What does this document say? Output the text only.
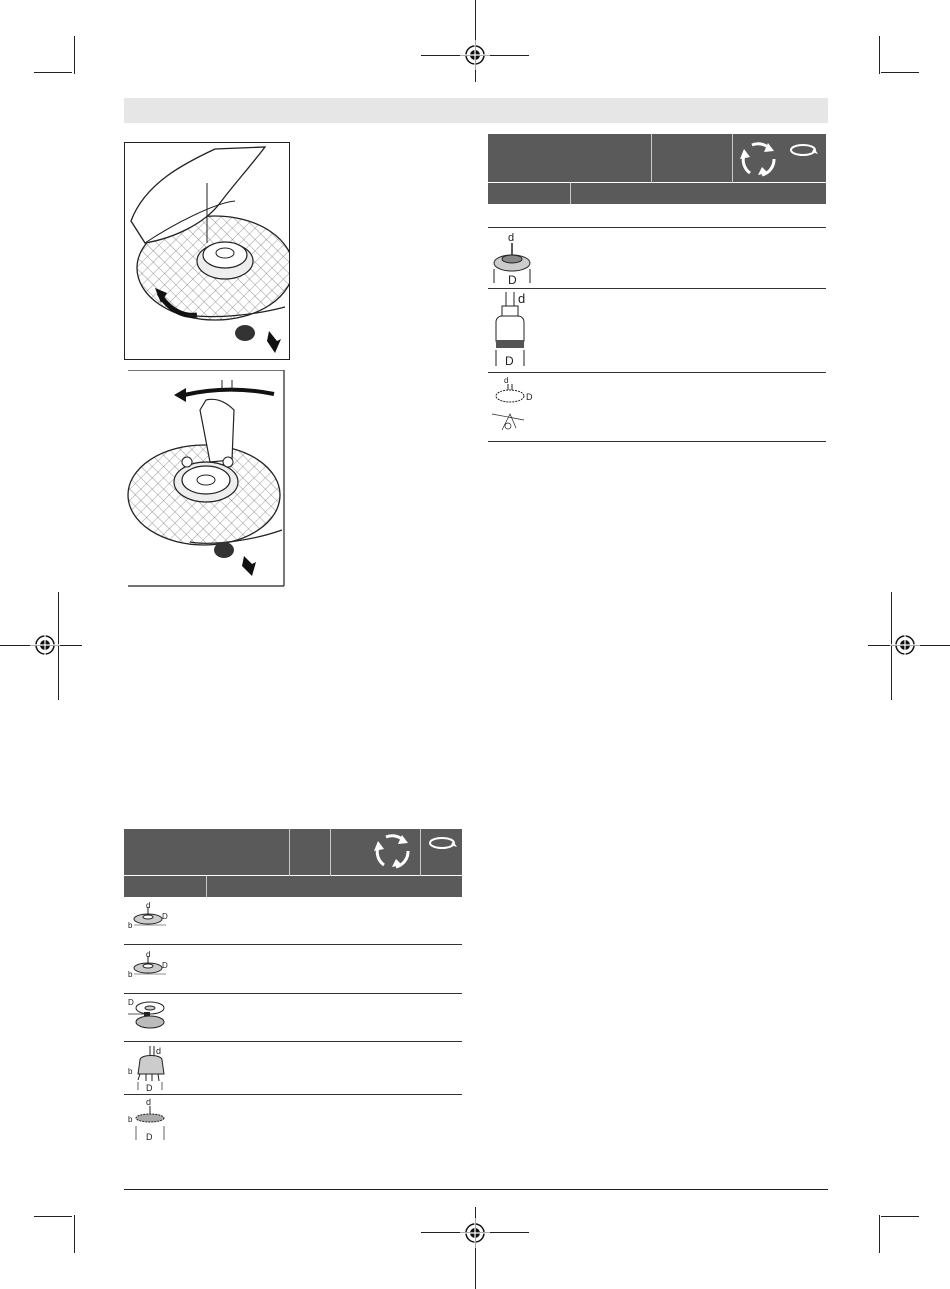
d
D
d
D
d
D
d
D
b
d
D
b
D
d
b
D
d
b
D
